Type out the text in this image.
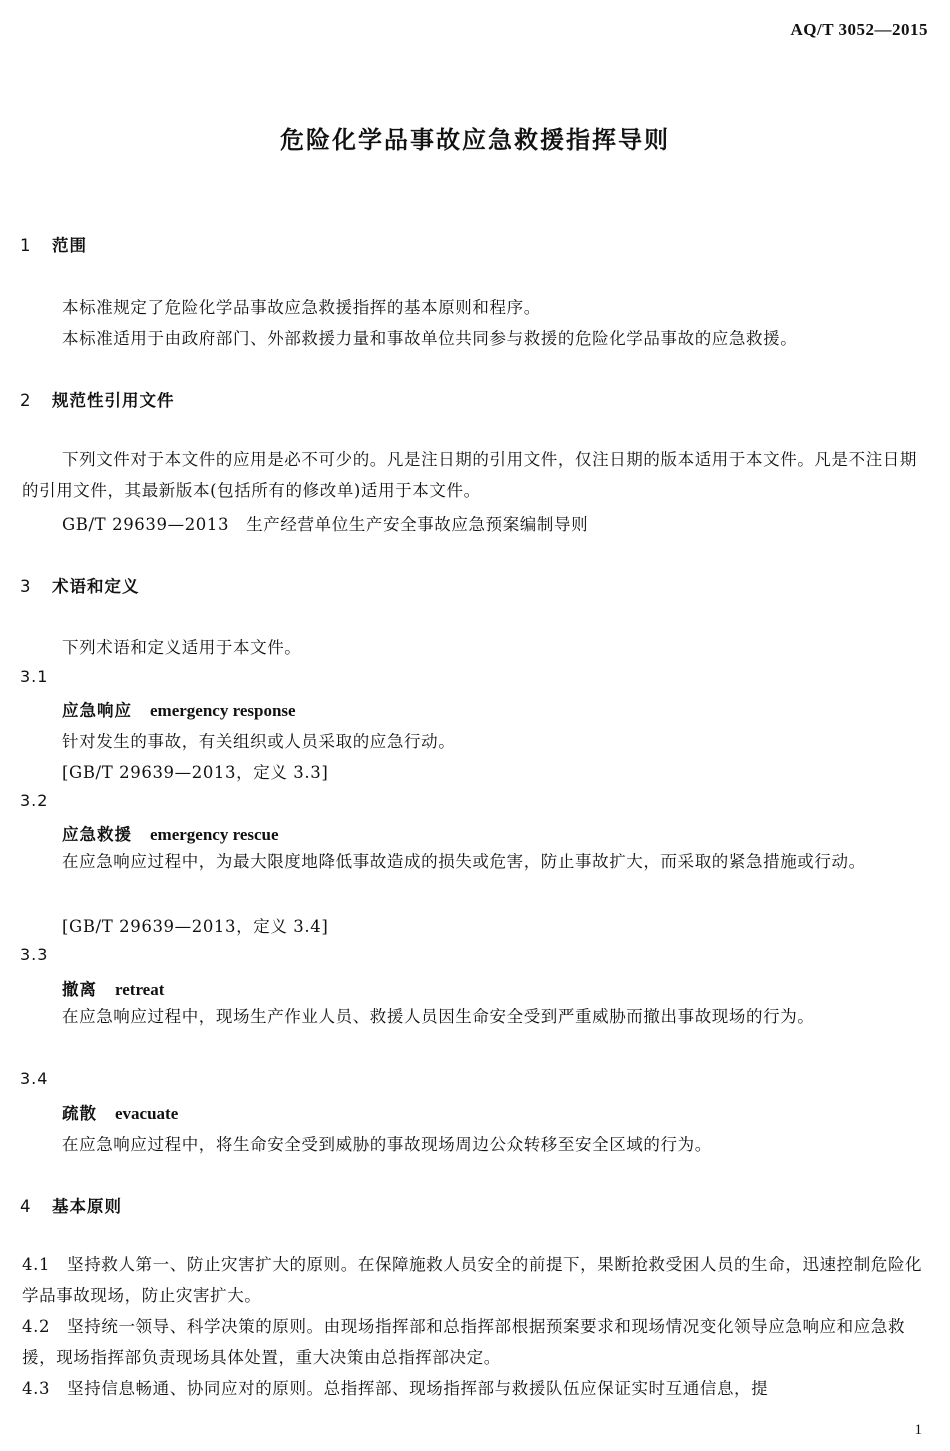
AQ/T 3052—2015
危险化学品事故应急救援指挥导则
1 范围
本标准规定了危险化学品事故应急救援指挥的基本原则和程序。
本标准适用于由政府部门、外部救援力量和事故单位共同参与救援的危险化学品事故的应急救援。
2 规范性引用文件
下列文件对于本文件的应用是必不可少的。凡是注日期的引用文件，仅注日期的版本适用于本文件。凡是不注日期的引用文件，其最新版本(包括所有的修改单)适用于本文件。
GB/T 29639—2013　生产经营单位生产安全事故应急预案编制导则
3 术语和定义
下列术语和定义适用于本文件。
3.1
应急响应 emergency response
针对发生的事故，有关组织或人员采取的应急行动。
[GB/T 29639—2013，定义 3.3]
3.2
应急救援 emergency rescue
在应急响应过程中，为最大限度地降低事故造成的损失或危害，防止事故扩大，而采取的紧急措施或行动。
[GB/T 29639—2013，定义 3.4]
3.3
撤离 retreat
在应急响应过程中，现场生产作业人员、救援人员因生命安全受到严重威胁而撤出事故现场的行为。
3.4
疏散 evacuate
在应急响应过程中，将生命安全受到威胁的事故现场周边公众转移至安全区域的行为。
4 基本原则
4.1　坚持救人第一、防止灾害扩大的原则。在保障施救人员安全的前提下，果断抢救受困人员的生命，迅速控制危险化学品事故现场，防止灾害扩大。
4.2　坚持统一领导、科学决策的原则。由现场指挥部和总指挥部根据预案要求和现场情况变化领导应急响应和应急救援，现场指挥部负责现场具体处置，重大决策由总指挥部决定。
4.3　坚持信息畅通、协同应对的原则。总指挥部、现场指挥部与救援队伍应保证实时互通信息，提
1
